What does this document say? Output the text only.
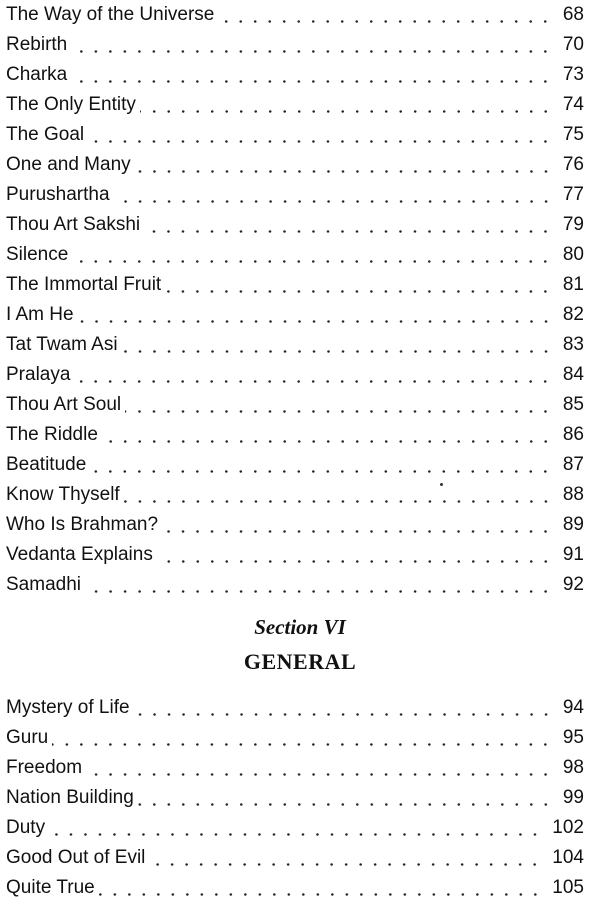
The Way of the Universe	68
Rebirth	70
Charka	73
The Only Entity	74
The Goal	75
One and Many	76
Purushartha	77
Thou Art Sakshi	79
Silence	80
The Immortal Fruit	81
I Am He	82
Tat Twam Asi	83
Pralaya	84
Thou Art Soul	85
The Riddle	86
Beatitude	87
Know Thyself	88
Who Is Brahman?	89
Vedanta Explains	91
Samadhi	92
Section VI
GENERAL
Mystery of Life	94
Guru	95
Freedom	98
Nation Building	99
Duty	102
Good Out of Evil	104
Quite True	105
